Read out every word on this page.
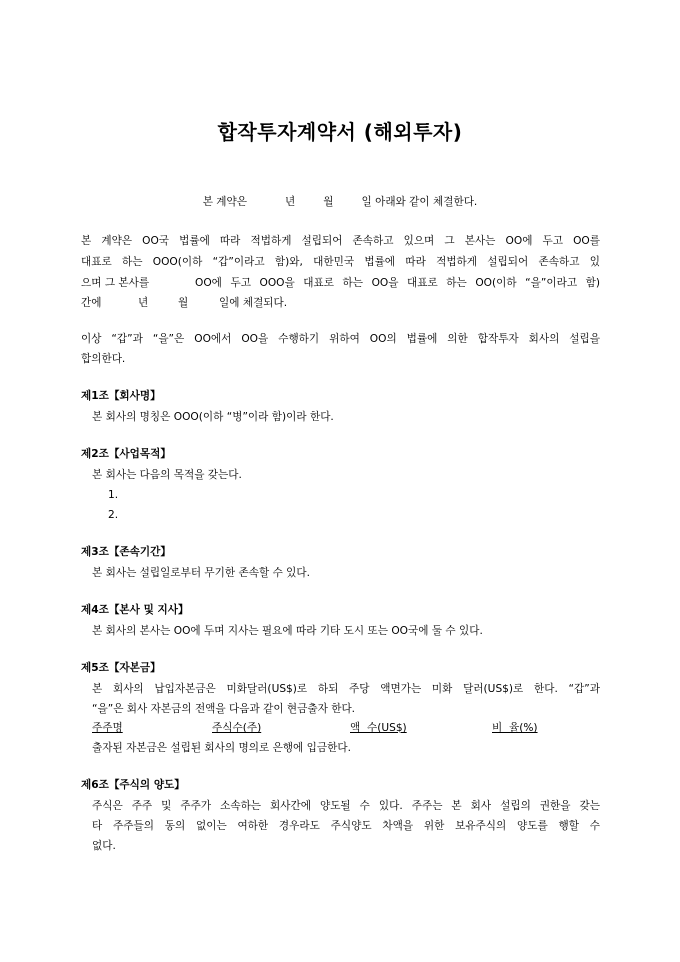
합작투자계약서 (해외투자)
본 계약은	년	월	일 아래와 같이 체결한다.
본 계약은 OO국 법률에 따라 적법하게 설립되어 존속하고 있으며 그 본사는 OO에 두고 OO를
대표로 하는 OOO(이하 “갑”이라고 함)와, 대한민국 법률에 따라 적법하게 설립되어 존속하고 있
으며 그 본사를	OO에 두고 OOO을 대표로 하는 OO을 대표로 하는 OO(이하 “을”이라고 함)
간에	년	월	일에 체결되다.
이상 “갑”과 “을”은 OO에서 OO을 수행하기 위하여 OO의 법률에 의한 합작투자 회사의 설립을
합의한다.
제1조【회사명】
본 회사의 명칭은 OOO(이하 “병”이라 함)이라 한다.
제2조【사업목적】
본 회사는 다음의 목적을 갖는다.
1.
2.
제3조【존속기간】
본 회사는 설립일로부터 무기한 존속할 수 있다.
제4조【본사 및 지사】
본 회사의 본사는 OO에 두며 지사는 필요에 따라 기타 도시 또는 OO국에 둘 수 있다.
제5조【자본금】
본 회사의 납입자본금은 미화달러(US$)로 하되 주당 액면가는 미화 달러(US$)로 한다. “갑”과
“을”은 회사 자본금의 전액을 다음과 같이 현금출자 한다.
주주명	주식수(주)	액  수(US$)	비  율(%)
출자된 자본금은 설립된 회사의 명의로 은행에 입금한다.
제6조【주식의 양도】
주식은 주주 및 주주가 소속하는 회사간에 양도될 수 있다. 주주는 본 회사 설립의 권한을 갖는
타 주주들의 동의 없이는 여하한 경우라도 주식양도 차액을 위한 보유주식의 양도를 행할 수
없다.
